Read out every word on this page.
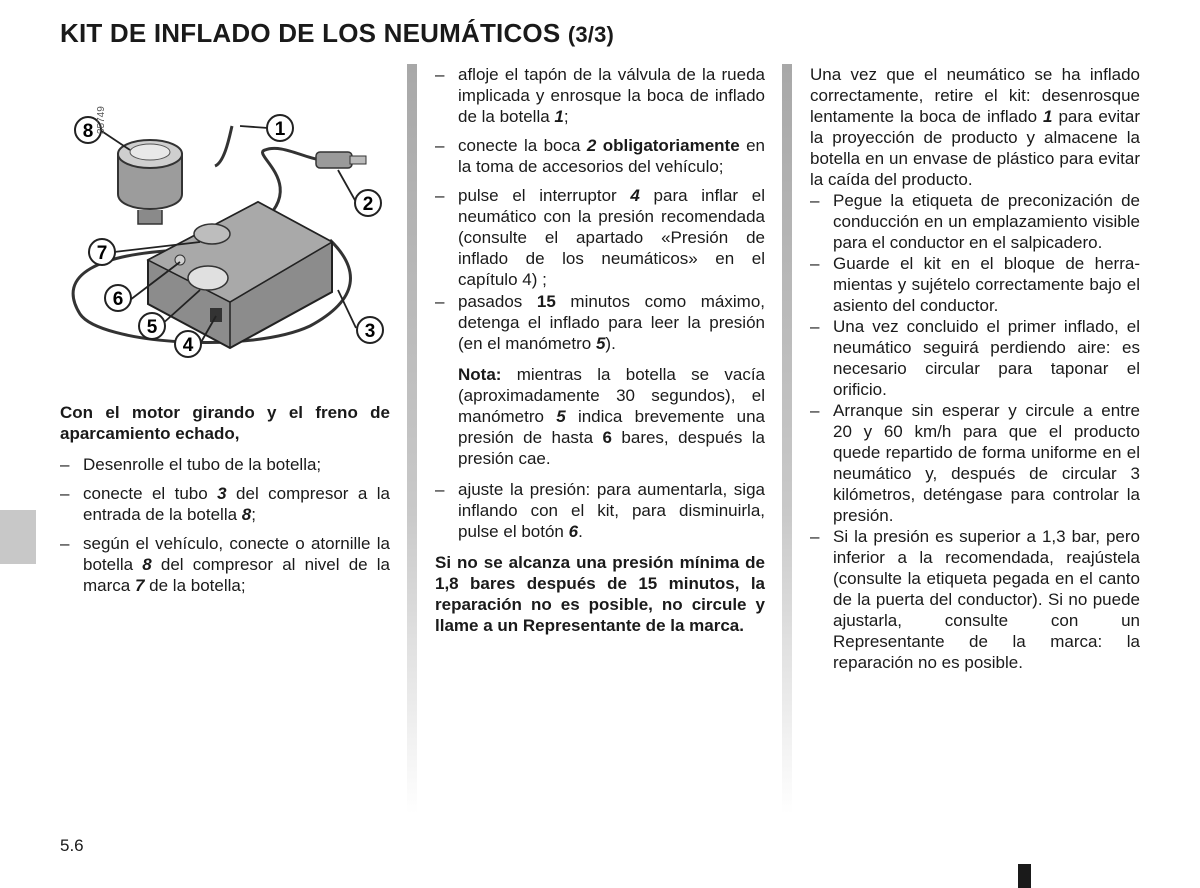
KIT DE INFLADO DE LOS NEUMÁTICOS (3/3)
35749
8	1
2
7
6
5
4
3

Con el motor girando y el freno de aparcamiento echado,

– Desenrolle el tubo de la botella;

– conecte el tubo 3 del compresor a la entrada de la botella 8;

– según el vehículo, conecte o atornille la botella 8 del compresor al nivel de la marca 7 de la botella;

– afloje el tapón de la válvula de la rueda implicada y enrosque la boca de inflado de la botella 1;

– conecte la boca 2 obligatoriamente en la toma de accesorios del vehículo;

– pulse el interruptor 4 para inflar el neumático con la presión recomendada (consulte el apartado «Presión de inflado de los neumáticos» en el capítulo 4) ;

– pasados 15 minutos como máximo, detenga el inflado para leer la presión (en el manómetro 5).

Nota: mientras la botella se vacía (aproximadamente 30 segundos), el manómetro 5 indica brevemente una presión de hasta 6 bares, después la presión cae.

– ajuste la presión: para aumentarla, siga inflando con el kit, para disminuirla, pulse el botón 6.

Si no se alcanza una presión mínima de 1,8 bares después de 15 minutos, la reparación no es posible, no circule y llame a un Representante de la marca.

Una vez que el neumático se ha inflado correctamente, retire el kit: desenrosque lentamente la boca de inflado 1 para evitar la proyección de producto y almacene la botella en un envase de plástico para evitar la caída del producto.

– Pegue la etiqueta de preconización de conducción en un emplazamiento visible para el conductor en el salpicadero.

– Guarde el kit en el bloque de herramientas y sujételo correctamente bajo el asiento del conductor.

– Una vez concluido el primer inflado, el neumático seguirá perdiendo aire: es necesario circular para taponar el orificio.

– Arranque sin esperar y circule a entre 20 y 60 km/h para que el producto quede repartido de forma uniforme en el neumático y, después de circular 3 kilómetros, deténgase para controlar la presión.

– Si la presión es superior a 1,3 bar, pero inferior a la recomendada, reajústela (consulte la etiqueta pegada en el canto de la puerta del conductor). Si no puede ajustarla, consulte con un Representante de la marca: la reparación no es posible.

5.6
